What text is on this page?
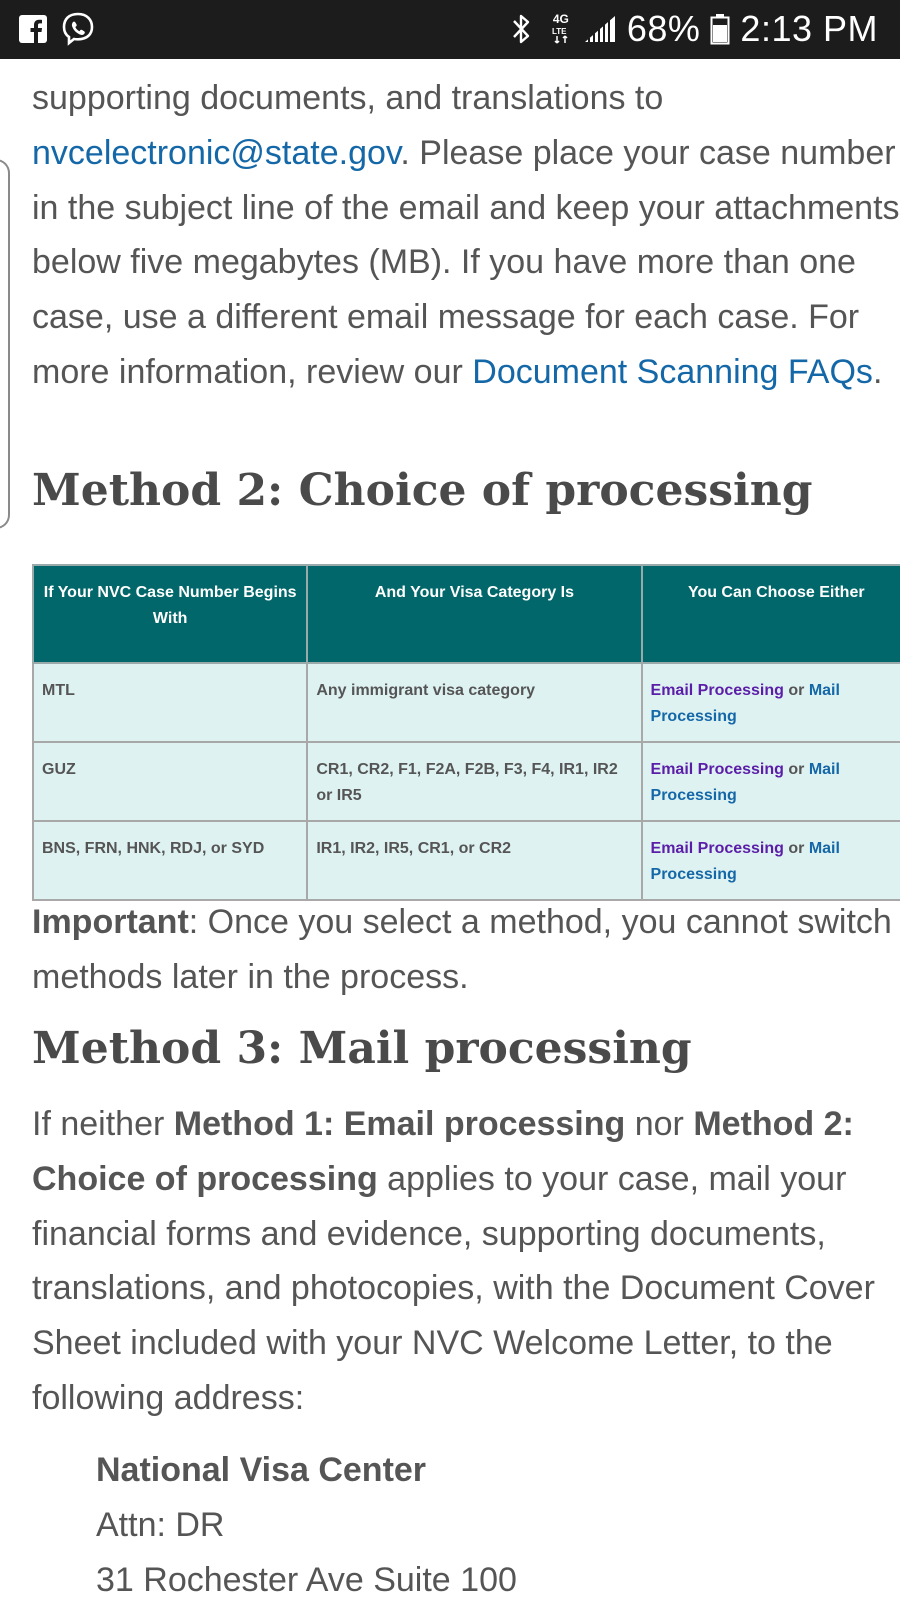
4G
LTE 68% 2:13 PM

supporting documents, and translations to
nvcelectronic@state.gov. Please place your case number in the subject line of the email and keep your attachments below five megabytes (MB). If you have more than one case, use a different email message for each case. For more information, review our Document Scanning FAQs.

Method 2: Choice of processing
If Your NVC Case Number Begins With	And Your Visa Category Is	You Can Choose Either
MTL	Any immigrant visa category	Email Processing or Mail Processing
GUZ	CR1, CR2, F1, F2A, F2B, F3, F4, IR1, IR2 or IR5	Email Processing or Mail Processing
BNS, FRN, HNK, RDJ, or SYD	IR1, IR2, IR5, CR1, or CR2	Email Processing or Mail Processing

Important: Once you select a method, you cannot switch methods later in the process.

Method 3: Mail processing

If neither Method 1: Email processing nor Method 2: Choice of processing applies to your case, mail your financial forms and evidence, supporting documents, translations, and photocopies, with the Document Cover Sheet included with your NVC Welcome Letter, to the following address:

National Visa Center
Attn: DR
31 Rochester Ave Suite 100
